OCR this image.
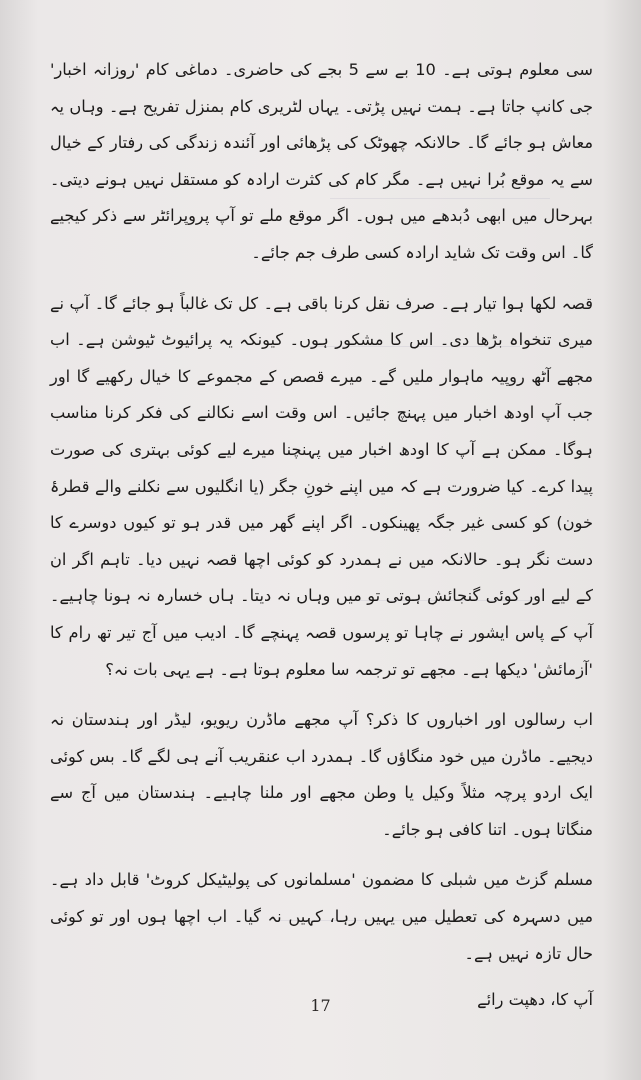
سی معلوم ہوتی ہے۔ 10 بے سے 5 بجے کی حاضری۔ دماغی کام 'روزانہ اخبار' جی کانپ جاتا ہے۔ ہمت نہیں پڑتی۔ یہاں لٹریری کام بمنزل تفریح ہے۔ وہاں یہ معاش ہو جائے گا۔ حالانکہ چھوٹک کی پڑھائی اور آئندہ زندگی کی رفتار کے خیال سے یہ موقع بُرا نہیں ہے۔ مگر کام کی کثرت ارادہ کو مستقل نہیں ہونے دیتی۔ بہرحال میں ابھی دُبدھے میں ہوں۔ اگر موقع ملے تو آپ پروپرائٹر سے ذکر کیجیے گا۔ اس وقت تک شاید ارادہ کسی طرف جم جائے۔

قصہ لکھا ہوا تیار ہے۔ صرف نقل کرنا باقی ہے۔ کل تک غالباً ہو جائے گا۔ آپ نے میری تنخواہ بڑھا دی۔ اس کا مشکور ہوں۔ کیونکہ یہ پرائیوٹ ٹیوشن ہے۔ اب مجھے آٹھ روپیہ ماہوار ملیں گے۔ میرے قصص کے مجموعے کا خیال رکھیے گا اور جب آپ اودھ اخبار میں پہنچ جائیں۔ اس وقت اسے نکالنے کی فکر کرنا مناسب ہوگا۔ ممکن ہے آپ کا اودھ اخبار میں پہنچنا میرے لیے کوئی بہتری کی صورت پیدا کرے۔ کیا ضرورت ہے کہ میں اپنے خونِ جگر (یا انگلیوں سے نکلنے والے قطرۂ خون) کو کسی غیر جگہ پھینکوں۔ اگر اپنے گھر میں قدر ہو تو کیوں دوسرے کا دست نگر ہو۔ حالانکہ میں نے ہمدرد کو کوئی اچھا قصہ نہیں دیا۔ تاہم اگر ان کے لیے اور کوئی گنجائش ہوتی تو میں وہاں نہ دیتا۔ ہاں خسارہ نہ ہونا چاہیے۔ آپ کے پاس ایشور نے چاہا تو پرسوں قصہ پہنچے گا۔ ادیب میں آج تیر تھ رام کا 'آزمائش' دیکھا ہے۔ مجھے تو ترجمہ سا معلوم ہوتا ہے۔ ہے یہی بات نہ؟

اب رسالوں اور اخباروں کا ذکر؟ آپ مجھے ماڈرن ریویو، لیڈر اور ہندستان نہ دیجیے۔ ماڈرن میں خود منگاؤں گا۔ ہمدرد اب عنقریب آنے ہی لگے گا۔ بس کوئی ایک اردو پرچہ مثلاً وکیل یا وطن مجھے اور ملنا چاہیے۔ ہندستان میں آج سے منگاتا ہوں۔ اتنا کافی ہو جائے۔

مسلم گزٹ میں شبلی کا مضمون 'مسلمانوں کی پولیٹیکل کروٹ' قابل داد ہے۔ میں دسہرہ کی تعطیل میں یہیں رہا، کہیں نہ گیا۔ اب اچھا ہوں اور تو کوئی حال تازہ نہیں ہے۔

آپ کا، دھپت رائے
17
